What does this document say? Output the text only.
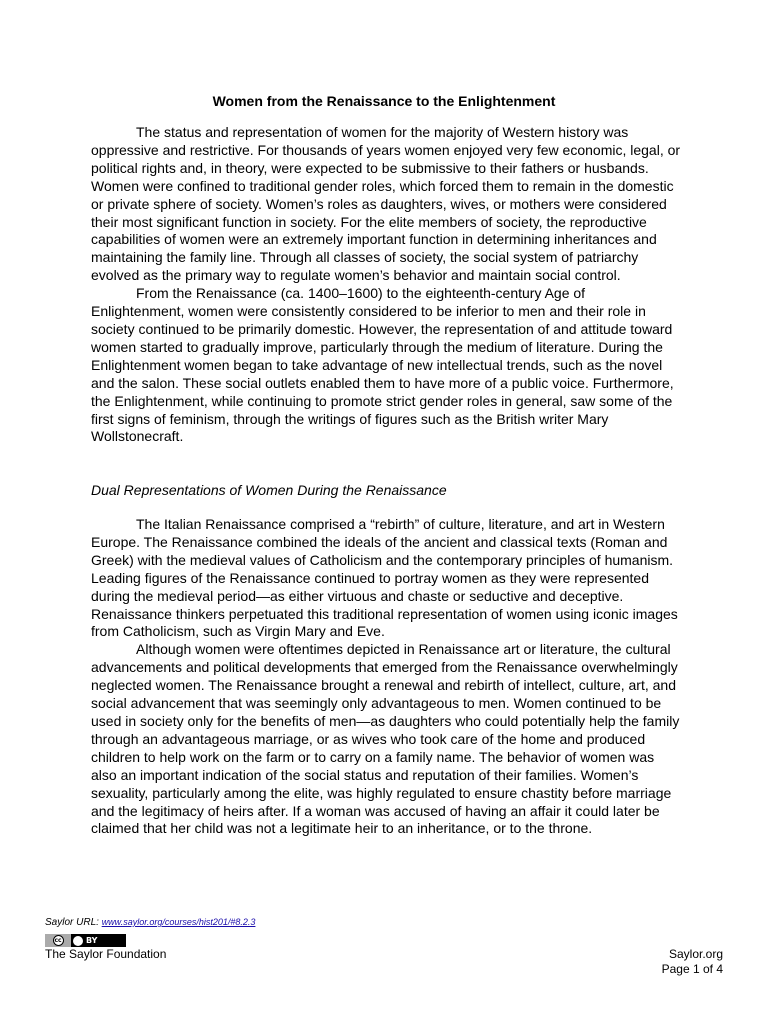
Women from the Renaissance to the Enlightenment

The status and representation of women for the majority of Western history was oppressive and restrictive. For thousands of years women enjoyed very few economic, legal, or political rights and, in theory, were expected to be submissive to their fathers or husbands. Women were confined to traditional gender roles, which forced them to remain in the domestic or private sphere of society. Women’s roles as daughters, wives, or mothers were considered their most significant function in society. For the elite members of society, the reproductive capabilities of women were an extremely important function in determining inheritances and maintaining the family line. Through all classes of society, the social system of patriarchy evolved as the primary way to regulate women’s behavior and maintain social control.

From the Renaissance (ca. 1400–1600) to the eighteenth-century Age of Enlightenment, women were consistently considered to be inferior to men and their role in society continued to be primarily domestic. However, the representation of and attitude toward women started to gradually improve, particularly through the medium of literature. During the Enlightenment women began to take advantage of new intellectual trends, such as the novel and the salon. These social outlets enabled them to have more of a public voice. Furthermore, the Enlightenment, while continuing to promote strict gender roles in general, saw some of the first signs of feminism, through the writings of figures such as the British writer Mary Wollstonecraft.

Dual Representations of Women During the Renaissance

The Italian Renaissance comprised a “rebirth” of culture, literature, and art in Western Europe. The Renaissance combined the ideals of the ancient and classical texts (Roman and Greek) with the medieval values of Catholicism and the contemporary principles of humanism. Leading figures of the Renaissance continued to portray women as they were represented during the medieval period—as either virtuous and chaste or seductive and deceptive. Renaissance thinkers perpetuated this traditional representation of women using iconic images from Catholicism, such as Virgin Mary and Eve.

Although women were oftentimes depicted in Renaissance art or literature, the cultural advancements and political developments that emerged from the Renaissance overwhelmingly neglected women. The Renaissance brought a renewal and rebirth of intellect, culture, art, and social advancement that was seemingly only advantageous to men. Women continued to be used in society only for the benefits of men—as daughters who could potentially help the family through an advantageous marriage, or as wives who took care of the home and produced children to help work on the farm or to carry on a family name. The behavior of women was also an important indication of the social status and reputation of their families. Women’s sexuality, particularly among the elite, was highly regulated to ensure chastity before marriage and the legitimacy of heirs after. If a woman was accused of having an affair it could later be claimed that her child was not a legitimate heir to an inheritance, or to the throne.

Saylor URL: www.saylor.org/courses/hist201/#8.2.3
cc	BY
The Saylor Foundation	Saylor.org
Page 1 of 4
